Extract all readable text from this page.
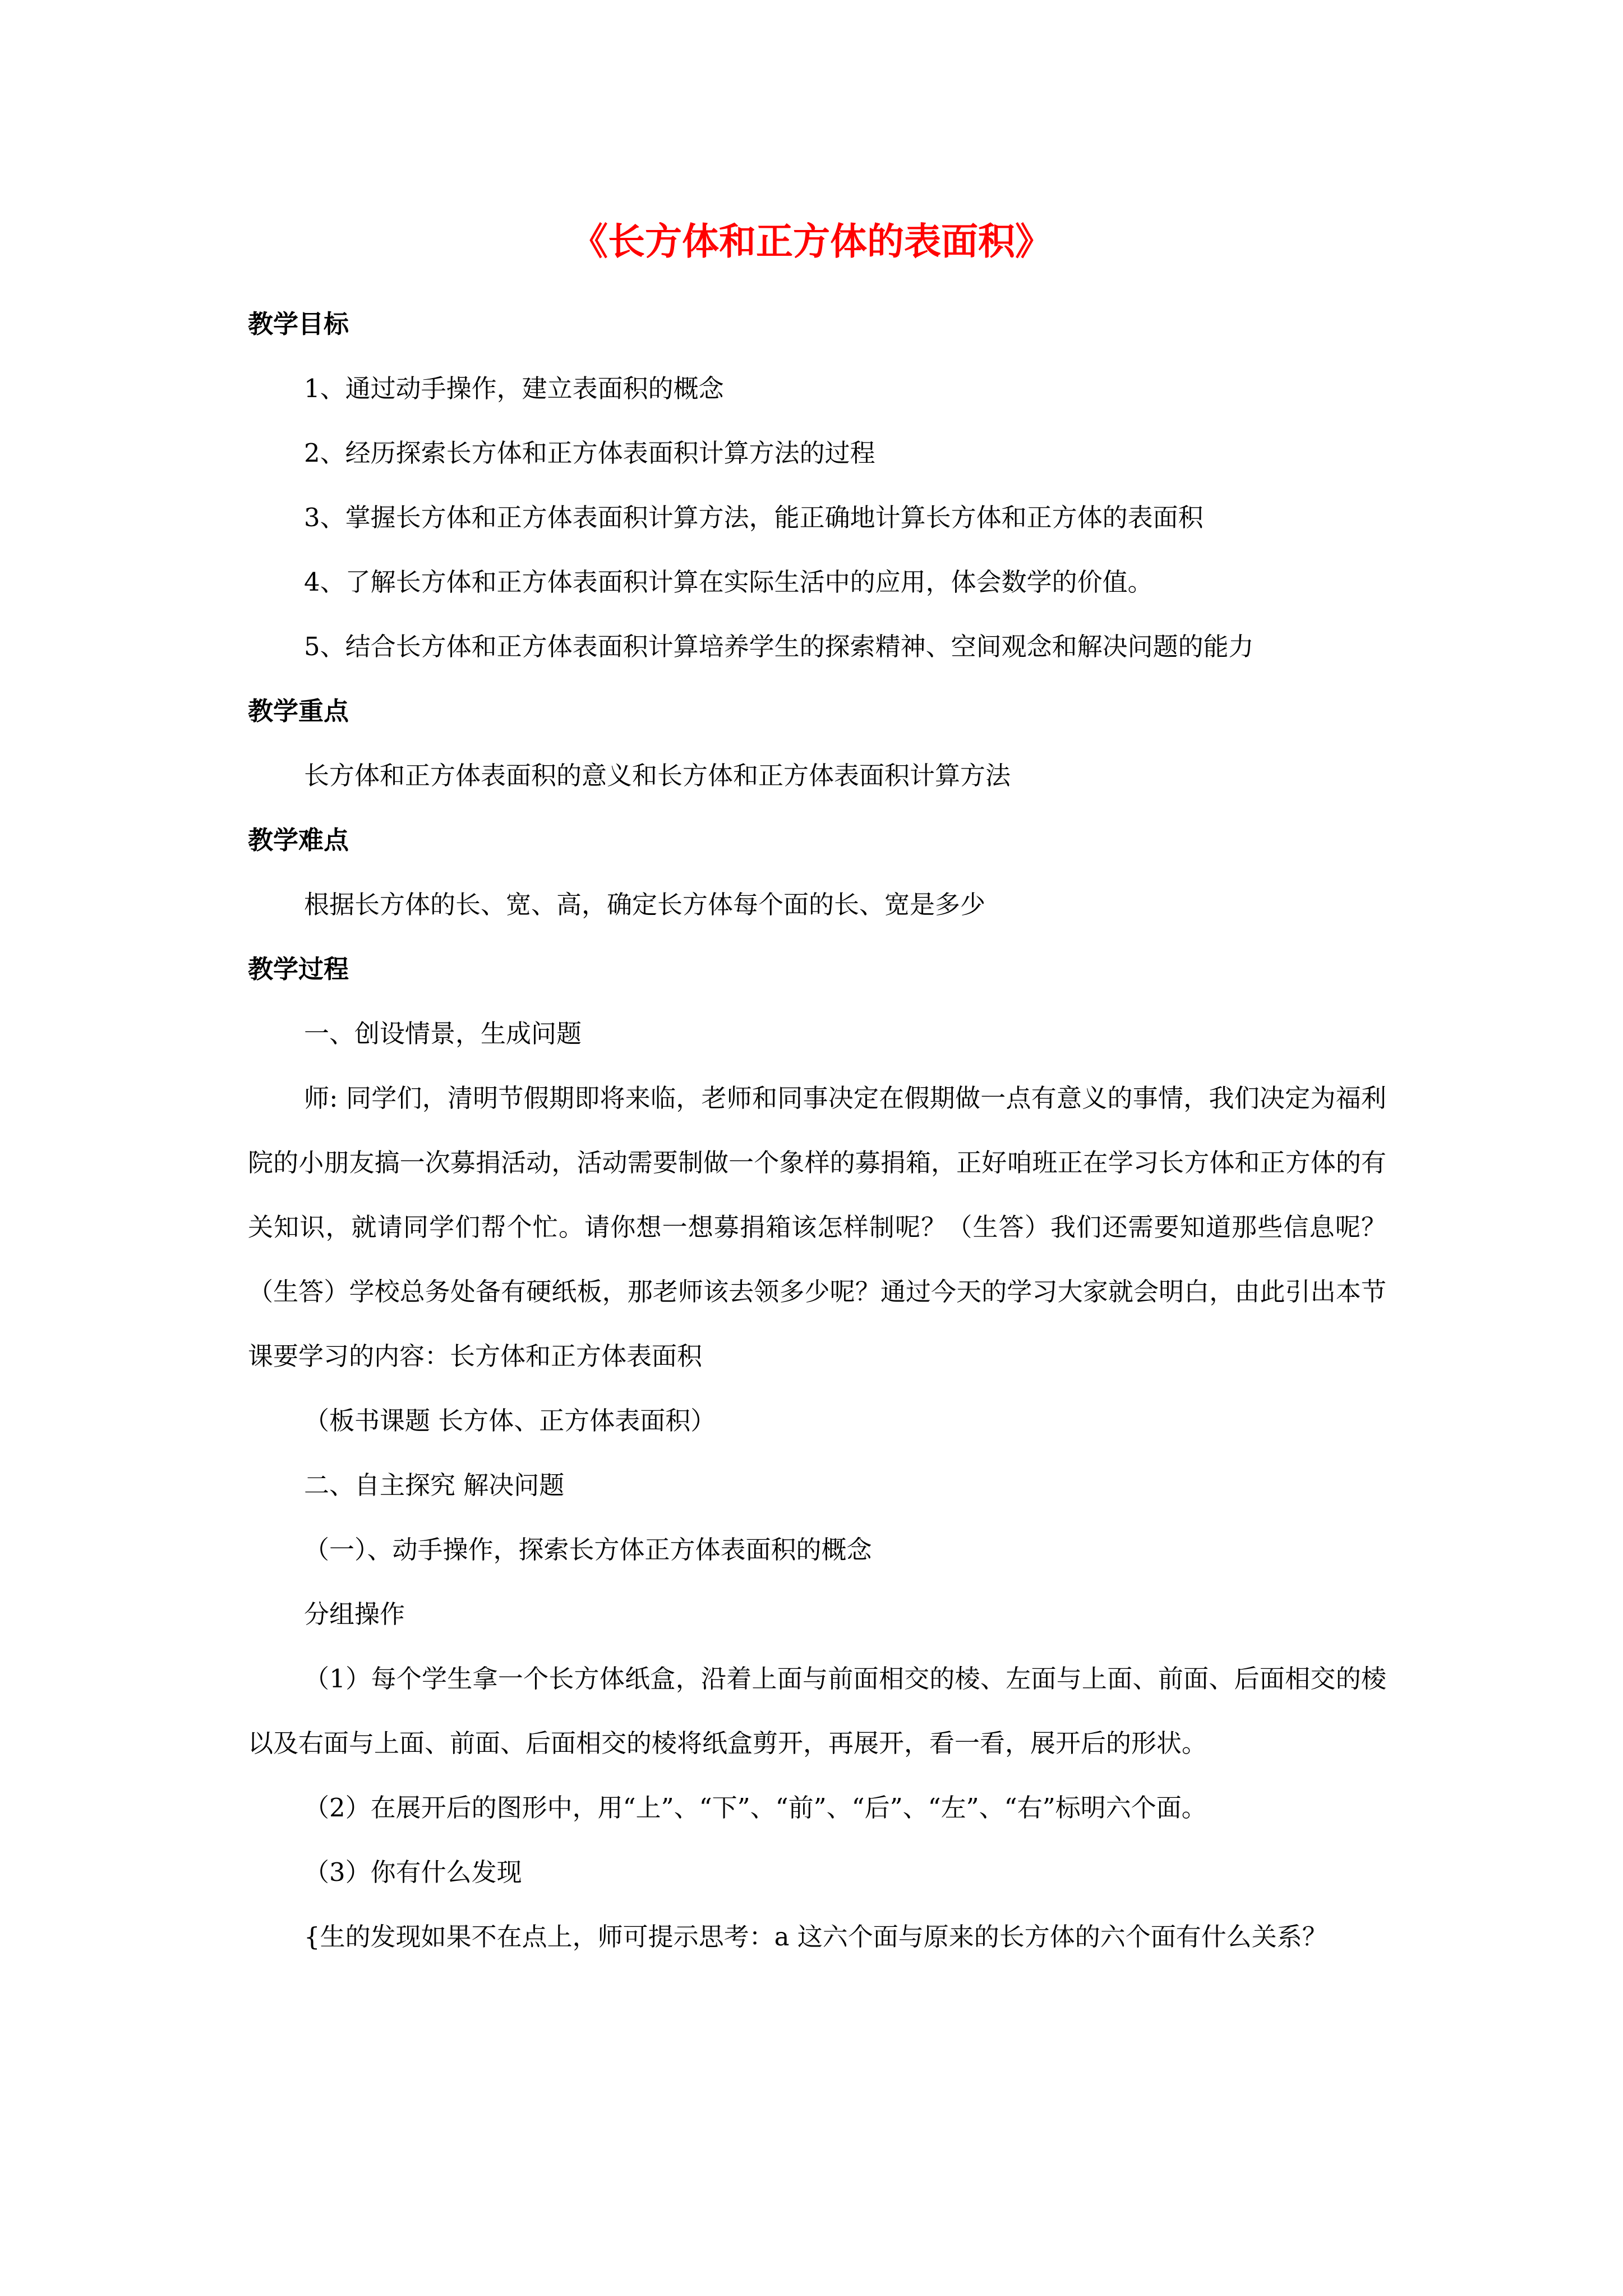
《长方体和正方体的表面积》

教学目标

1、通过动手操作，建立表面积的概念

2、经历探索长方体和正方体表面积计算方法的过程

3、掌握长方体和正方体表面积计算方法，能正确地计算长方体和正方体的表面积

4、了解长方体和正方体表面积计算在实际生活中的应用，体会数学的价值。

5、结合长方体和正方体表面积计算培养学生的探索精神、空间观念和解决问题的能力

教学重点

长方体和正方体表面积的意义和长方体和正方体表面积计算方法

教学难点

根据长方体的长、宽、高，确定长方体每个面的长、宽是多少

教学过程

一、创设情景，生成问题

师: 同学们，清明节假期即将来临，老师和同事决定在假期做一点有意义的事情，我们决定为福利院的小朋友搞一次募捐活动，活动需要制做一个象样的募捐箱，正好咱班正在学习长方体和正方体的有关知识，就请同学们帮个忙。请你想一想募捐箱该怎样制呢？（生答）我们还需要知道那些信息呢？（生答）学校总务处备有硬纸板，那老师该去领多少呢？通过今天的学习大家就会明白，由此引出本节课要学习的内容：长方体和正方体表面积

（板书课题 长方体、正方体表面积）

二、自主探究 解决问题

（一）、动手操作，探索长方体正方体表面积的概念

分组操作

（1）每个学生拿一个长方体纸盒，沿着上面与前面相交的棱、左面与上面、前面、后面相交的棱以及右面与上面、前面、后面相交的棱将纸盒剪开，再展开，看一看，展开后的形状。

（2）在展开后的图形中，用“上”、“下”、“前”、“后”、“左”、“右”标明六个面。

（3）你有什么发现

{生的发现如果不在点上，师可提示思考：a 这六个面与原来的长方体的六个面有什么关系？
